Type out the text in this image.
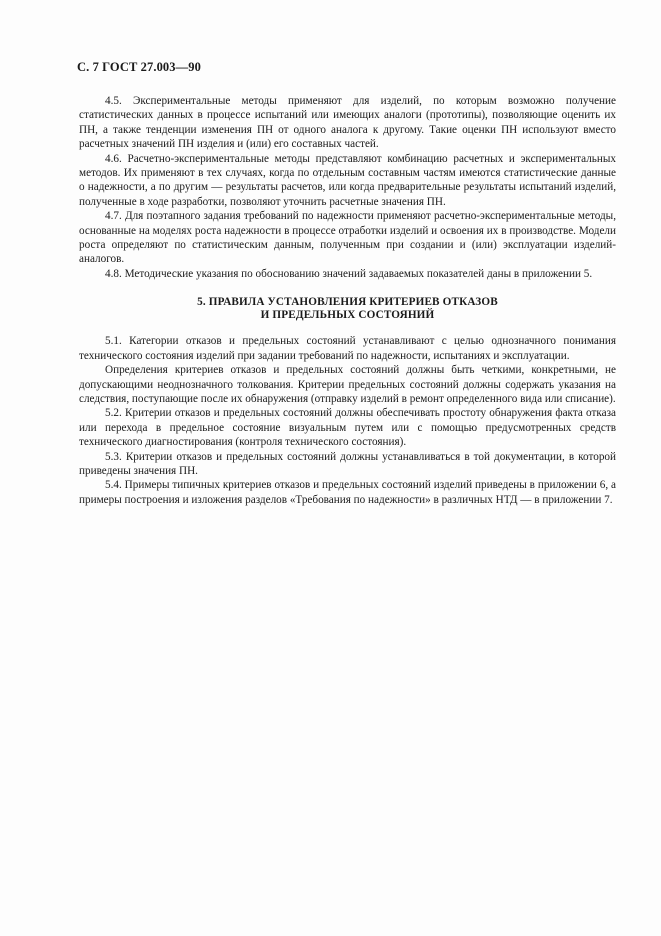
С. 7 ГОСТ 27.003—90

4.5. Экспериментальные методы применяют для изделий, по которым возможно получение статистических данных в процессе испытаний или имеющих аналоги (прототипы), позволяющие оценить их ПН, а также тенденции изменения ПН от одного аналога к другому. Такие оценки ПН используют вместо расчетных значений ПН изделия и (или) его составных частей.

4.6. Расчетно-экспериментальные методы представляют комбинацию расчетных и экспериментальных методов. Их применяют в тех случаях, когда по отдельным составным частям имеются статистические данные о надежности, а по другим — результаты расчетов, или когда предварительные результаты испытаний изделий, полученные в ходе разработки, позволяют уточнить расчетные значения ПН.

4.7. Для поэтапного задания требований по надежности применяют расчетно-экспериментальные методы, основанные на моделях роста надежности в процессе отработки изделий и освоения их в производстве. Модели роста определяют по статистическим данным, полученным при создании и (или) эксплуатации изделий-аналогов.

4.8. Методические указания по обоснованию значений задаваемых показателей даны в приложении 5.

5. ПРАВИЛА УСТАНОВЛЕНИЯ КРИТЕРИЕВ ОТКАЗОВ
И ПРЕДЕЛЬНЫХ СОСТОЯНИЙ

5.1. Категории отказов и предельных состояний устанавливают с целью однозначного понимания технического состояния изделий при задании требований по надежности, испытаниях и эксплуатации.

Определения критериев отказов и предельных состояний должны быть четкими, конкретными, не допускающими неоднозначного толкования. Критерии предельных состояний должны содержать указания на следствия, поступающие после их обнаружения (отправку изделий в ремонт определенного вида или списание).

5.2. Критерии отказов и предельных состояний должны обеспечивать простоту обнаружения факта отказа или перехода в предельное состояние визуальным путем или с помощью предусмотренных средств технического диагностирования (контроля технического состояния).

5.3. Критерии отказов и предельных состояний должны устанавливаться в той документации, в которой приведены значения ПН.

5.4. Примеры типичных критериев отказов и предельных состояний изделий приведены в приложении 6, а примеры построения и изложения разделов «Требования по надежности» в различных НТД — в приложении 7.
